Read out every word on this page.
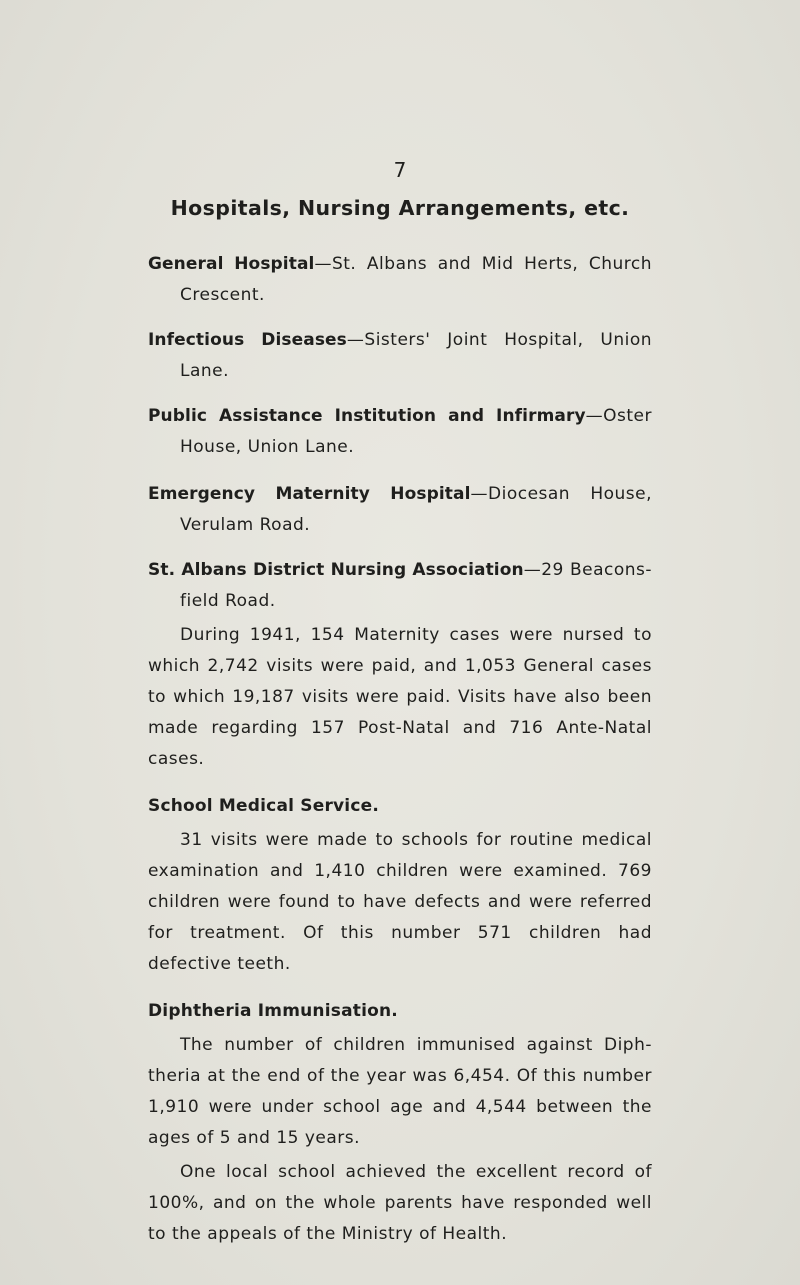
7
Hospitals, Nursing Arrangements, etc.
General Hospital—St. Albans and Mid Herts, Church Crescent.
Infectious Diseases—Sisters' Joint Hospital, Union Lane.
Public Assistance Institution and Infirmary—Oster House, Union Lane.
Emergency Maternity Hospital—Diocesan House, Verulam Road.
St. Albans District Nursing Association—29 Beacons-field Road.
During 1941, 154 Maternity cases were nursed to which 2,742 visits were paid, and 1,053 General cases to which 19,187 visits were paid. Visits have also been made regarding 157 Post-Natal and 716 Ante-Natal cases.
School Medical Service.
31 visits were made to schools for routine medical examination and 1,410 children were examined. 769 children were found to have defects and were referred for treatment. Of this number 571 children had defective teeth.
Diphtheria Immunisation.
The number of children immunised against Diph-theria at the end of the year was 6,454. Of this number 1,910 were under school age and 4,544 between the ages of 5 and 15 years.
One local school achieved the excellent record of 100%, and on the whole parents have responded well to the appeals of the Ministry of Health.
